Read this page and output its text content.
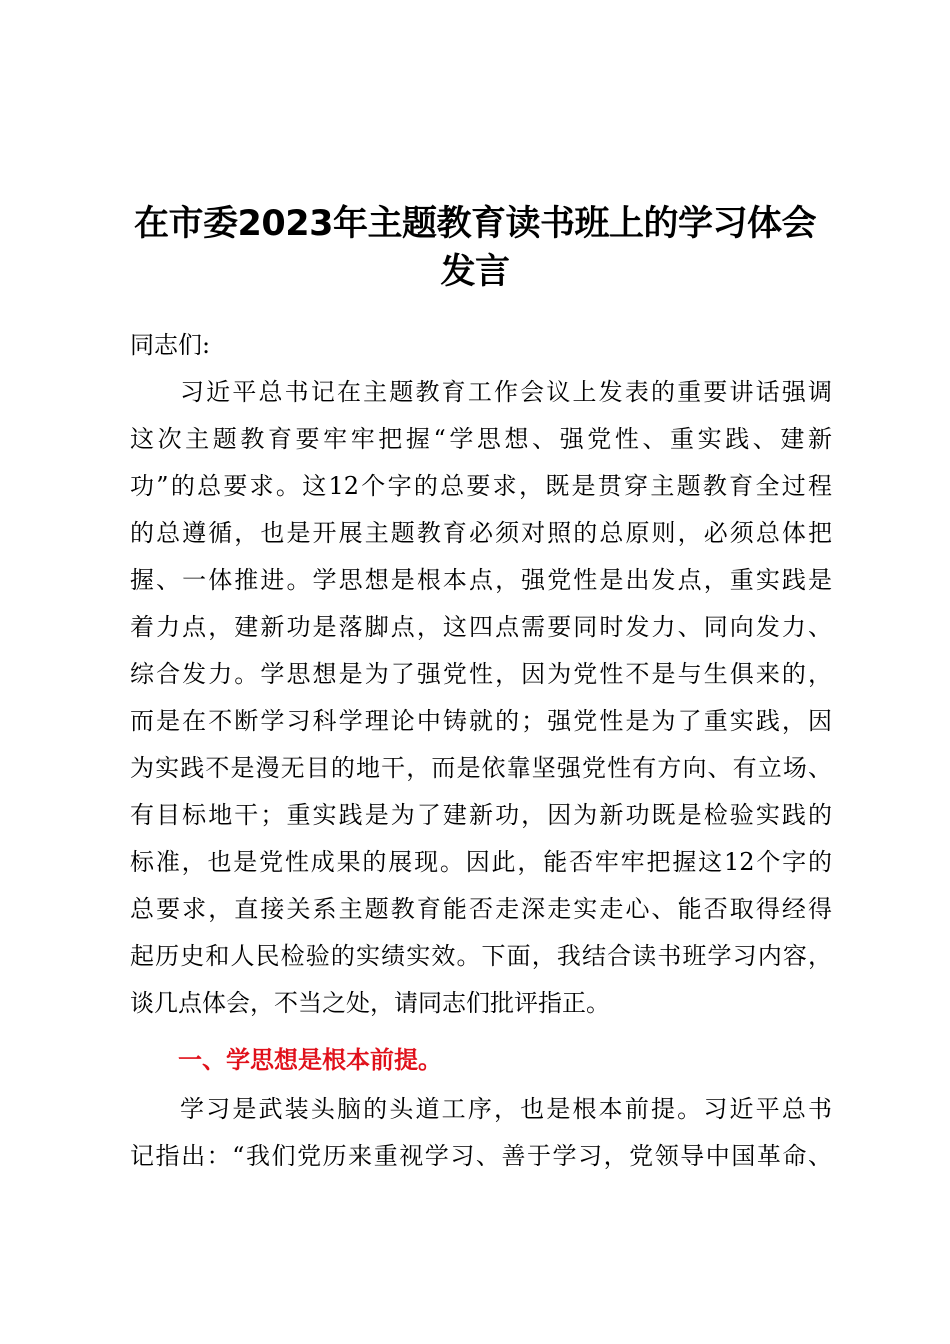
在市委2023年主题教育读书班上的学习体会
发言
同志们:
习近平总书记在主题教育工作会议上发表的重要讲话强调
这次主题教育要牢牢把握“学思想、强党性、重实践、建新
功”的总要求。这12个字的总要求，既是贯穿主题教育全过程
的总遵循，也是开展主题教育必须对照的总原则，必须总体把
握、一体推进。学思想是根本点，强党性是出发点，重实践是
着力点，建新功是落脚点，这四点需要同时发力、同向发力、
综合发力。学思想是为了强党性，因为党性不是与生俱来的，
而是在不断学习科学理论中铸就的；强党性是为了重实践，因
为实践不是漫无目的地干，而是依靠坚强党性有方向、有立场、
有目标地干；重实践是为了建新功，因为新功既是检验实践的
标准，也是党性成果的展现。因此，能否牢牢把握这12个字的
总要求，直接关系主题教育能否走深走实走心、能否取得经得
起历史和人民检验的实绩实效。下面，我结合读书班学习内容，
谈几点体会，不当之处，请同志们批评指正。
一、学思想是根本前提。
学习是武装头脑的头道工序，也是根本前提。习近平总书
记指出：“我们党历来重视学习、善于学习，党领导中国革命、
